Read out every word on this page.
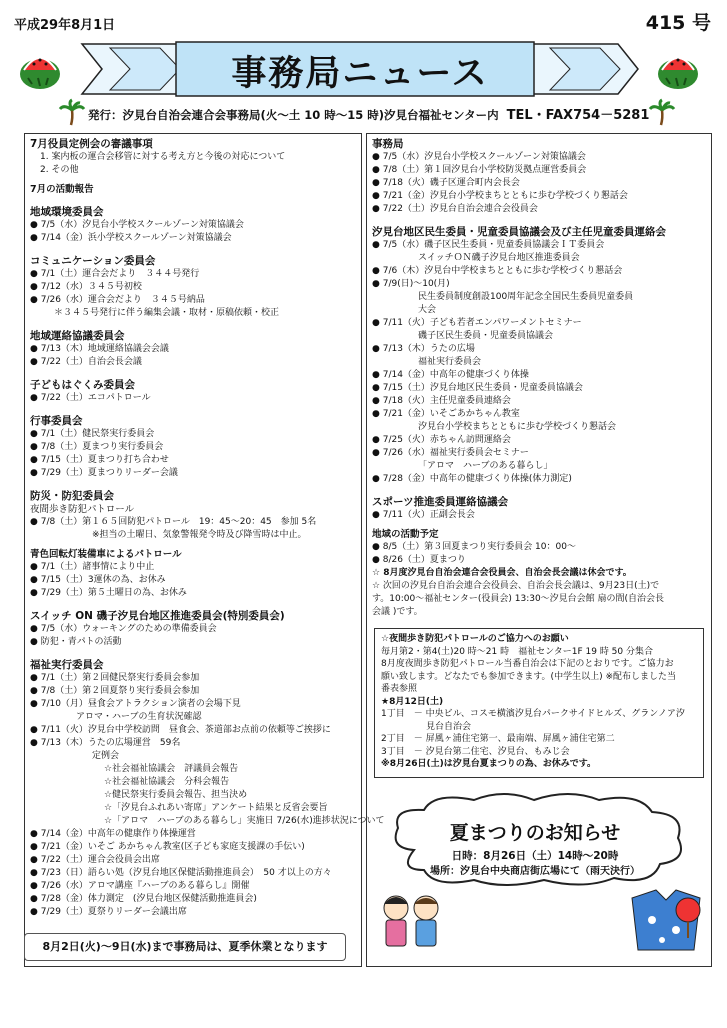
平成29年8月1日	415 号
事務局ニュース
発行：汐見台自治会連合会事務局(火～土 10 時～15 時)汐見台福祉センター内 TEL・FAX754－5281
7月役員定例会の審議事項
1. 案内板の運合会移管に対する考え方と今後の対応について
2. その他
7月の活動報告
地域環境委員会
● 7/5（水）汐見台小学校スクールゾーン対策協議会
● 7/14（金）浜小学校スクールゾーン対策協議会
コミュニケーション委員会
● 7/1（土）運合会だより　３４４号発行
● 7/12（水）３４５号初校
● 7/26（水）運合会だより　３４５号納品
＊３４５号発行に伴う編集会議・取材・原稿依頼・校正
地域運絡協議委員会
● 7/13（木）地域運絡協議会会議
● 7/22（土）自治会長会議
子どもはぐくみ委員会
● 7/22（土）エコパトロール
行事委員会
● 7/1（土）健民祭実行委員会
● 7/8（土）夏まつり実行委員会
● 7/15（土）夏まつり打ち合わせ
● 7/29（土）夏まつりリーダー会議
防災・防犯委員会
夜間歩き防犯パトロール
● 7/8（土）第１６５回防犯パトロール　19：45～20：45　参加 5名
※担当の土曜日、気象警報発令時及び降雪時は中止。
青色回転灯装備車によるパトロール
● 7/1（土）諸事情により中止
● 7/15（土）3運休の為、お休み
● 7/29（土）第５土曜日の為、お休み
スイッチ ON 磯子汐見台地区推進委員会(特別委員会)
● 7/5（水）ウォーキングのための準備委員会
● 防犯・青パトの活動
福祉実行委員会
● 7/1（土）第２回健民祭実行委員会参加
● 7/8（土）第２回夏祭り実行委員会参加
● 7/10（月）昼食会アトラクション演者の会場下見
アロマ・ハーブの生育状況確認
● 7/11（火）汐見台中学校訪問　昼食会、茶道部お点前の依頼等ご挨拶に
● 7/13（木）うたの広場運営　59名
定例会
☆社会福祉協議会　評議員会報告
☆社会福祉協議会　分科会報告
☆健民祭実行委員会報告、担当決め
☆「汐見台ふれあい寄席」アンケート結果と反省会要旨
☆「アロマ　ハーブのある暮らし」実施日 7/26(水)進捗状況について
● 7/14（金）中高年の健康作り体操運営
● 7/21（金）いそご あかちゃん教室(区子ども家庭支援課の手伝い)
● 7/22（土）運合会役員会出席
● 7/23（日）語らい処（汐見台地区保健活動推進員会）　50 才以上の方々
● 7/26（水）アロマ講座『ハーブのある暮らし』開催
● 7/28（金）体力測定　(汐見台地区保健活動推進員会)
● 7/29（土）夏祭りリーダー会議出席
事務局
● 7/5（水）汐見台小学校スクールゾーン対策協議会
● 7/8（土）第１回汐見台小学校防災拠点運営委員会
● 7/18（火）磯子区運合町内会長会
● 7/21（金）汐見台小学校まちとともに歩む学校づくり懇話会
● 7/22（土）汐見台自治会連合会役員会
汐見台地区民生委員・児童委員協議会及び主任児童委員運絡会
● 7/5（水）磯子区民生委員・児童委員協議会ＩＴ委員会
スイッチＯＮ磯子汐見台地区推進委員会
● 7/6（木）汐見台中学校まちとともに歩む学校づくり懇話会
● 7/9(日)～10(月)
民生委員制度創設100周年記念全国民生委員児童委員
大会
● 7/11（火）子ども若者エンパワーメントセミナー
磯子区民生委員・児童委員協議会
● 7/13（木）うたの広場
福祉実行委員会
● 7/14（金）中高年の健康づくり体操
● 7/15（土）汐見台地区民生委員・児童委員協議会
● 7/18（火）主任児童委員連絡会
● 7/21（金）いそごあかちゃん教室
汐見台小学校まちとともに歩む学校づくり懇話会
● 7/25（火）赤ちゃん訪問運絡会
● 7/26（水）福祉実行委員会セミナー
「アロマ　ハーブのある暮らし」
● 7/28（金）中高年の健康づくり体操(体力測定)
スポーツ推進委員運絡協議会
● 7/11（火）正副会長会
地域の活動予定
● 8/5（土）第３回夏まつり実行委員会 10：00～
● 8/26（土）夏まつり
☆ 8月度汐見台自治会連合会役員会、自治会長会議は休会です。
☆ 次回の汐見台自治会連合会役員会、自治会長会議は、9月23日(土)で
す。10:00～福祉センター(役員会) 13:30～汐見台会館 扇の間(自治会長
会議 )です。
☆夜間歩き防犯パトロールのご協力へのお願い
毎月第2・第4(土)20 時～21 時　福祉センター1F 19 時 50 分集合
8月度夜間歩き防犯パトロール当番自治会は下記のとおりです。ご協力お
願い致します。どなたでも参加できます。(中学生以上) ※配布しました当
番表参照
★8月12日(土)
1丁目　－ 中央ビル、コスモ横濱汐見台パークサイドヒルズ、グランノア汐
　　　　　見台自治会
2丁目　－ 屏風ヶ浦住宅第一、最南端、屏風ヶ浦住宅第二
3丁目　－ 汐見台第二住宅、汐見台、もみじ会
※8月26日(土)は汐見台夏まつりの為、お休みです。
夏まつりのお知らせ
日時：8月26日（土）14時～20時
場所：汐見台中央商店街広場にて（雨天決行）
8月2日(火)～9日(水)まで事務局は、夏季休業となります
